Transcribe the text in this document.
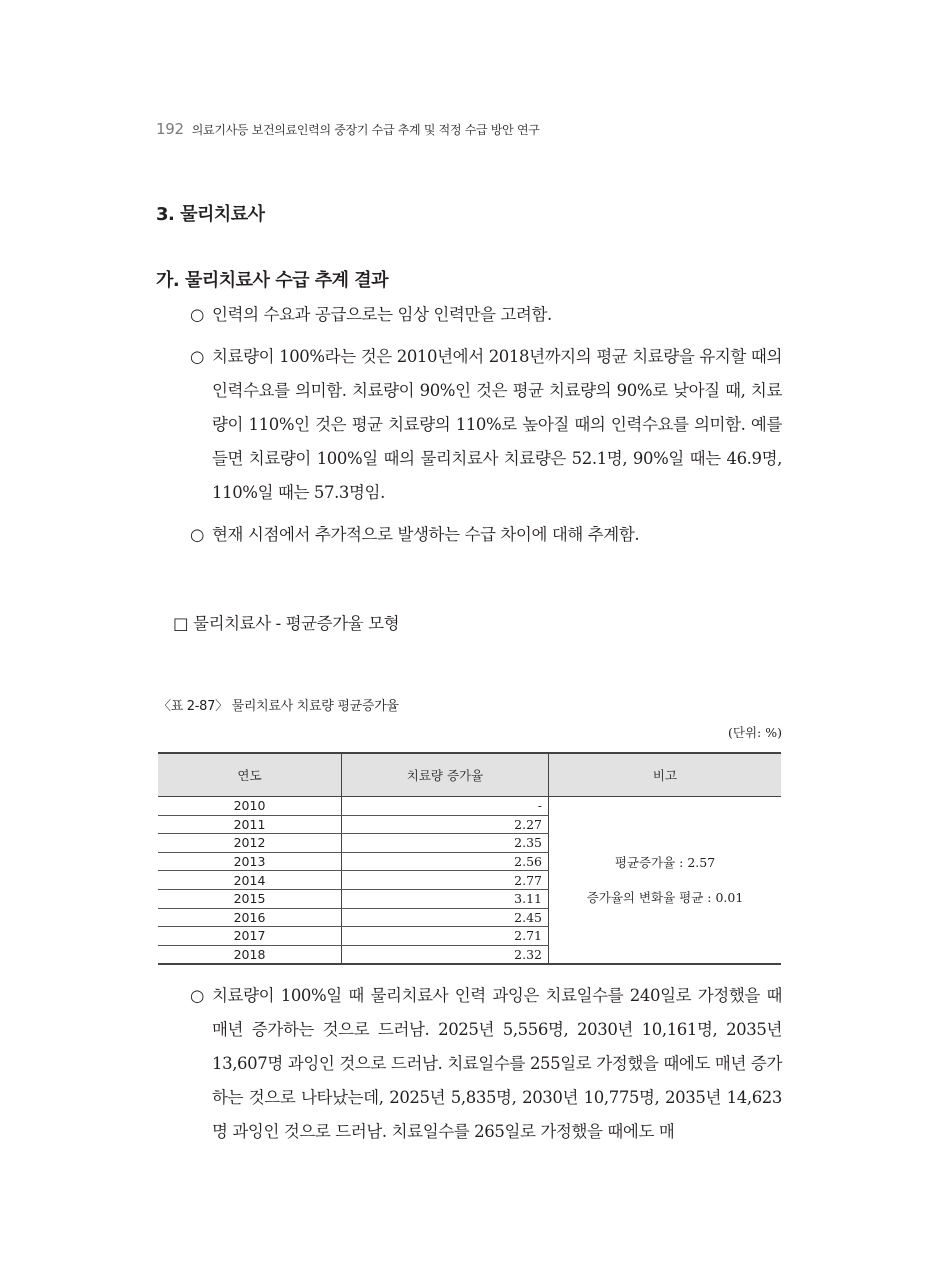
192 의료기사등 보건의료인력의 중장기 수급 추계 및 적정 수급 방안 연구
3. 물리치료사
가. 물리치료사 수급 추계 결과
○ 인력의 수요과 공급으로는 임상 인력만을 고려함.
○ 치료량이 100%라는 것은 2010년에서 2018년까지의 평균 치료량을 유지할 때의 인력수요를 의미함. 치료량이 90%인 것은 평균 치료량의 90%로 낮아질 때, 치료량이 110%인 것은 평균 치료량의 110%로 높아질 때의 인력수요를 의미함. 예를 들면 치료량이 100%일 때의 물리치료사 치료량은 52.1명, 90%일 때는 46.9명, 110%일 때는 57.3명임.
○ 현재 시점에서 추가적으로 발생하는 수급 차이에 대해 추계함.
□ 물리치료사 - 평균증가율 모형
〈표 2-87〉 물리치료사 치료량 평균증가율
(단위: %)
연도	치료량 증가율	비고
2010	-	평균증가율 : 2.57
증가율의 변화율 평균 : 0.01

2011	2.27	
2012	2.35	
2013	2.56	
2014	2.77	
2015	3.11	
2016	2.45	
2017	2.71	
2018	2.32	
○ 치료량이 100%일 때 물리치료사 인력 과잉은 치료일수를 240일로 가정했을 때 매년 증가하는 것으로 드러남. 2025년 5,556명, 2030년 10,161명, 2035년 13,607명 과잉인 것으로 드러남. 치료일수를 255일로 가정했을 때에도 매년 증가하는 것으로 나타났는데, 2025년 5,835명, 2030년 10,775명, 2035년 14,623명 과잉인 것으로 드러남. 치료일수를 265일로 가정했을 때에도 매
